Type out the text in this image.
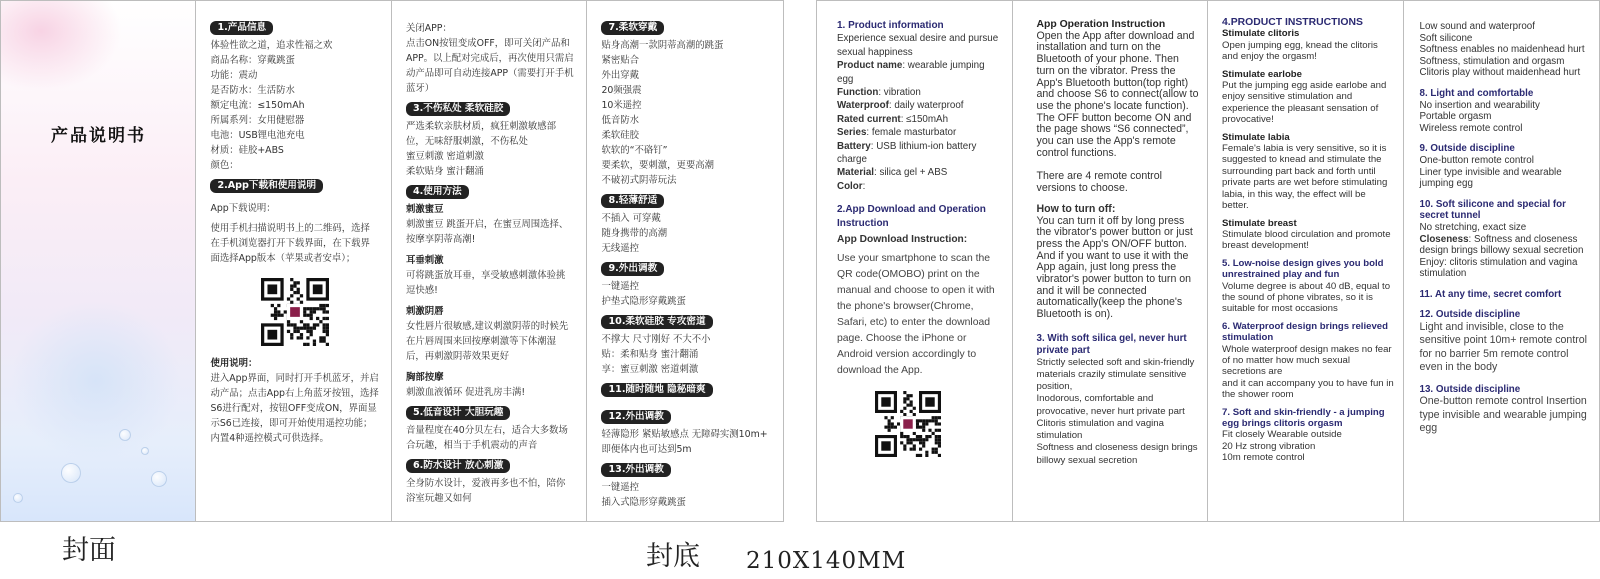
产品说明书
1.产品信息

体验性欲之道，追求性福之欢

商品名称：穿戴跳蛋

功能：震动

是否防水：生活防水

额定电流：≤150mAh

所属系列：女用健慰器

电池：USB锂电池充电

材质：硅胶+ABS

颜色：

2.App下载和使用说明

App下载说明：

使用手机扫描说明书上的二维码，选择在手机浏览器打开下载界面，在下载界面选择App版本（苹果或者安卓）；

使用说明：

进入App界面，同时打开手机蓝牙，并启动产品；点击App右上角蓝牙按钮，选择S6进行配对，按钮OFF变成ON，界面显示S6已连接，即可开始使用遥控功能；内置4种遥控模式可供选择。

关闭APP：

点击ON按钮变成OFF，即可关闭产品和APP。以上配对完成后，再次使用只需启动产品即可自动连接APP（需要打开手机蓝牙）

3.不伤私处 柔软硅胶

严选柔软亲肤材质，疯狂刺激敏感部位，无味舒服刺激，不伤私处

蜜豆刺激 密道刺激

柔软贴身 蜜汁翻涌

4.使用方法

刺激蜜豆

刺激蜜豆 跳蛋开启，在蜜豆周围选择、按摩享阴蒂高潮!

耳垂刺激

可将跳蛋放耳垂，享受敏感刺激体验挑逗快感!

刺激阴唇

女性唇片很敏感,建议刺激阴蒂的时候先在片唇周围来回按摩刺激等下体潮湿后，再刺激阴蒂效果更好

胸部按摩

刺激血液循环 促进乳房丰满!

5.低音设计 大胆玩趣

音量程度在40分贝左右，适合大多数场合玩趣，相当于手机震动的声音

6.防水设计 放心刺激

全身防水设计，爱液再多也不怕，陪你浴室玩趣又如何

7.柔软穿戴

贴身高潮一款阴蒂高潮的跳蛋

紧密贴合

外出穿戴

20频强震

10米遥控

低音防水

柔软硅胶

软软的“不硌钉”

要柔软，要刺激，更要高潮

不破初式阴蒂玩法

8.轻薄舒适

不插入 可穿戴

随身携带的高潮

无线遥控

9.外出调教

一键遥控

护垫式隐形穿戴跳蛋

10.柔软硅胶 专攻密道

不撑大 尺寸刚好 不大不小

贴：柔和贴身 蜜汁翻涌

享：蜜豆刺激 密道刺激

11.随时随地 隐秘暗爽 12.外出调教

轻薄隐形 紧贴敏感点 无障碍实测10m+ 即便体内也可达到5m

13.外出调教

一键遥控

插入式隐形穿戴跳蛋

1. Product information

Experience sexual desire and pursue sexual happiness

Product name: wearable jumping egg

Function: vibration

Waterproof: daily waterproof

Rated current: ≤150mAh

Series: female masturbator

Battery: USB lithium-ion battery charge

Material: silica gel + ABS

Color:

2.App Download and Operation Instruction

App Download Instruction:

Use your smartphone to scan the QR code(OMOBO) print on the manual and choose to open it with the phone's browser(Chrome, Safari, etc) to enter the download page. Choose the iPhone or Android version accordingly to download the App.

App Operation Instruction

Open the App after download and installation and turn on the Bluetooth of your phone. Then turn on the vibrator. Press the App's Bluetooth button(top right) and choose S6 to connect(allow to use the phone's locate function). The OFF button become ON and the page shows “S6 connected”, you can use the App's remote control functions.

There are 4 remote control versions to choose.

How to turn off:

You can turn it off by long press the vibrator's power button or just press the App's ON/OFF button. And if you want to use it with the App again, just long press the vibrator's power button to turn on and it will be connected automatically(keep the phone's Bluetooth is on).

3. With soft silica gel, never hurt private part

Strictly selected soft and skin-friendly materials crazily stimulate sensitive position,

Inodorous, comfortable and provocative, never hurt private part

Clitoris stimulation and vagina stimulation

Softness and closeness design brings billowy sexual secretion

4.PRODUCT INSTRUCTIONS

Stimulate clitoris

Open jumping egg, knead the clitoris and enjoy the orgasm!

Stimulate earlobe

Put the jumping egg aside earlobe and enjoy sensitive stimulation and experience the pleasant sensation of provocative!

Stimulate labia

Female's labia is very sensitive, so it is suggested to knead and stimulate the surrounding part back and forth until private parts are wet before stimulating labia, in this way, the effect will be better.

Stimulate breast

Stimulate blood circulation and promote breast development!

5. Low-noise design gives you bold unrestrained play and fun

Volume degree is about 40 dB, equal to the sound of phone vibrates, so it is suitable for most occasions

6. Waterproof design brings relieved stimulation

Whole waterproof design makes no fear of no matter how much sexual secretions are

and it can accompany you to have fun in the shower room

7. Soft and skin-friendly - a jumping egg brings clitoris orgasm

Fit closely Wearable outside

20 Hz strong vibration

10m remote control

Low sound and waterproof

Soft silicone

Softness enables no maidenhead hurt

Softness, stimulation and orgasm

Clitoris play without maidenhead hurt

8. Light and comfortable

No insertion and wearability

Portable orgasm

Wireless remote control

9. Outside discipline

One-button remote control

Liner type invisible and wearable jumping egg

10. Soft silicone and special for secret tunnel

No stretching, exact size

Closeness: Softness and closeness design brings billowy sexual secretion

Enjoy: clitoris stimulation and vagina stimulation

11. At any time, secret comfort

12. Outside discipline

Light and invisible, close to the sensitive point 10m+ remote control for no barrier 5m remote control even in the body

13. Outside discipline

One-button remote control Insertion type invisible and wearable jumping egg

封面	封底 210X140MM
